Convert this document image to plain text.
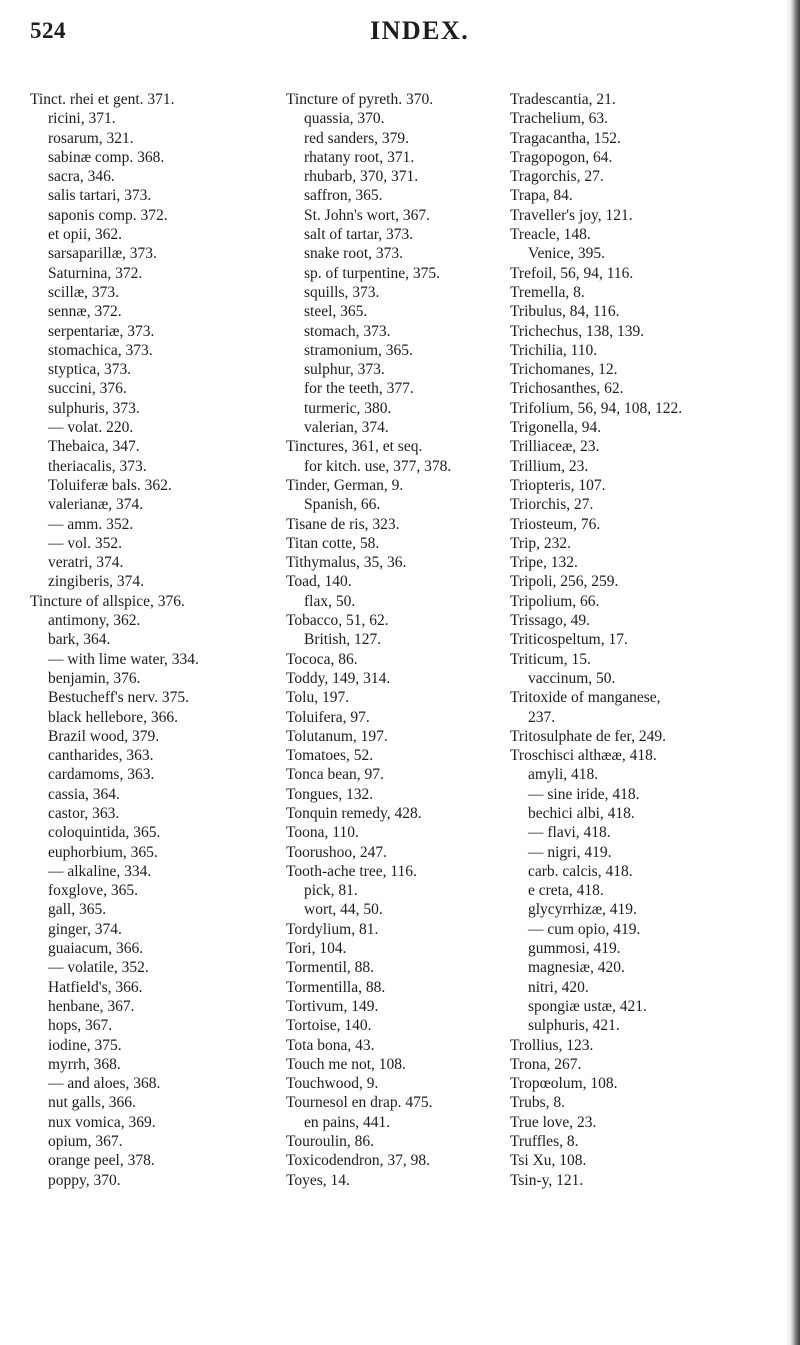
524	INDEX.
Tinct. rhei et gent. 371.
ricini, 371.
rosarum, 321.
sabinæ comp. 368.
sacra, 346.
salis tartari, 373.
saponis comp. 372.
et opii, 362.
sarsaparillæ, 373.
Saturnina, 372.
scillæ, 373.
sennæ, 372.
serpentariæ, 373.
stomachica, 373.
styptica, 373.
succini, 376.
sulphuris, 373.
— volat. 220.
Thebaica, 347.
theriacalis, 373.
Toluiferæ bals. 362.
valerianæ, 374.
— amm. 352.
— vol. 352.
veratri, 374.
zingiberis, 374.
Tincture of allspice, 376.
antimony, 362.
bark, 364.
— with lime water, 334.
benjamin, 376.
Bestucheff's nerv. 375.
black hellebore, 366.
Brazil wood, 379.
cantharides, 363.
cardamoms, 363.
cassia, 364.
castor, 363.
coloquintida, 365.
euphorbium, 365.
— alkaline, 334.
foxglove, 365.
gall, 365.
ginger, 374.
guaiacum, 366.
— volatile, 352.
Hatfield's, 366.
henbane, 367.
hops, 367.
iodine, 375.
myrrh, 368.
— and aloes, 368.
nut galls, 366.
nux vomica, 369.
opium, 367.
orange peel, 378.
poppy, 370.
Tincture of pyreth. 370.
quassia, 370.
red sanders, 379.
rhatany root, 371.
rhubarb, 370, 371.
saffron, 365.
St. John's wort, 367.
salt of tartar, 373.
snake root, 373.
sp. of turpentine, 375.
squills, 373.
steel, 365.
stomach, 373.
stramonium, 365.
sulphur, 373.
for the teeth, 377.
turmeric, 380.
valerian, 374.
Tinctures, 361, et seq.
for kitch. use, 377, 378.
Tinder, German, 9.
Spanish, 66.
Tisane de ris, 323.
Titan cotte, 58.
Tithymalus, 35, 36.
Toad, 140.
flax, 50.
Tobacco, 51, 62.
British, 127.
Tococa, 86.
Toddy, 149, 314.
Tolu, 197.
Toluifera, 97.
Tolutanum, 197.
Tomatoes, 52.
Tonca bean, 97.
Tongues, 132.
Tonquin remedy, 428.
Toona, 110.
Toorushoo, 247.
Tooth-ache tree, 116.
pick, 81.
wort, 44, 50.
Tordylium, 81.
Tori, 104.
Tormentil, 88.
Tormentilla, 88.
Tortivum, 149.
Tortoise, 140.
Tota bona, 43.
Touch me not, 108.
Touchwood, 9.
Tournesol en drap. 475.
en pains, 441.
Touroulin, 86.
Toxicodendron, 37, 98.
Toyes, 14.
Tradescantia, 21.
Trachelium, 63.
Tragacantha, 152.
Tragopogon, 64.
Tragorchis, 27.
Trapa, 84.
Traveller's joy, 121.
Treacle, 148.
Venice, 395.
Trefoil, 56, 94, 116.
Tremella, 8.
Tribulus, 84, 116.
Trichechus, 138, 139.
Trichilia, 110.
Trichomanes, 12.
Trichosanthes, 62.
Trifolium, 56, 94, 108, 122.
Trigonella, 94.
Trilliaceæ, 23.
Trillium, 23.
Triopteris, 107.
Triorchis, 27.
Triosteum, 76.
Trip, 232.
Tripe, 132.
Tripoli, 256, 259.
Tripolium, 66.
Trissago, 49.
Triticospeltum, 17.
Triticum, 15.
vaccinum, 50.
Tritoxide of manganese,
237.
Tritosulphate de fer, 249.
Troschisci althææ, 418.
amyli, 418.
— sine iride, 418.
bechici albi, 418.
— flavi, 418.
— nigri, 419.
carb. calcis, 418.
e creta, 418.
glycyrrhizæ, 419.
— cum opio, 419.
gummosi, 419.
magnesiæ, 420.
nitri, 420.
spongiæ ustæ, 421.
sulphuris, 421.
Trollius, 123.
Trona, 267.
Tropœolum, 108.
Trubs, 8.
True love, 23.
Truffles, 8.
Tsi Xu, 108.
Tsin-y, 121.
